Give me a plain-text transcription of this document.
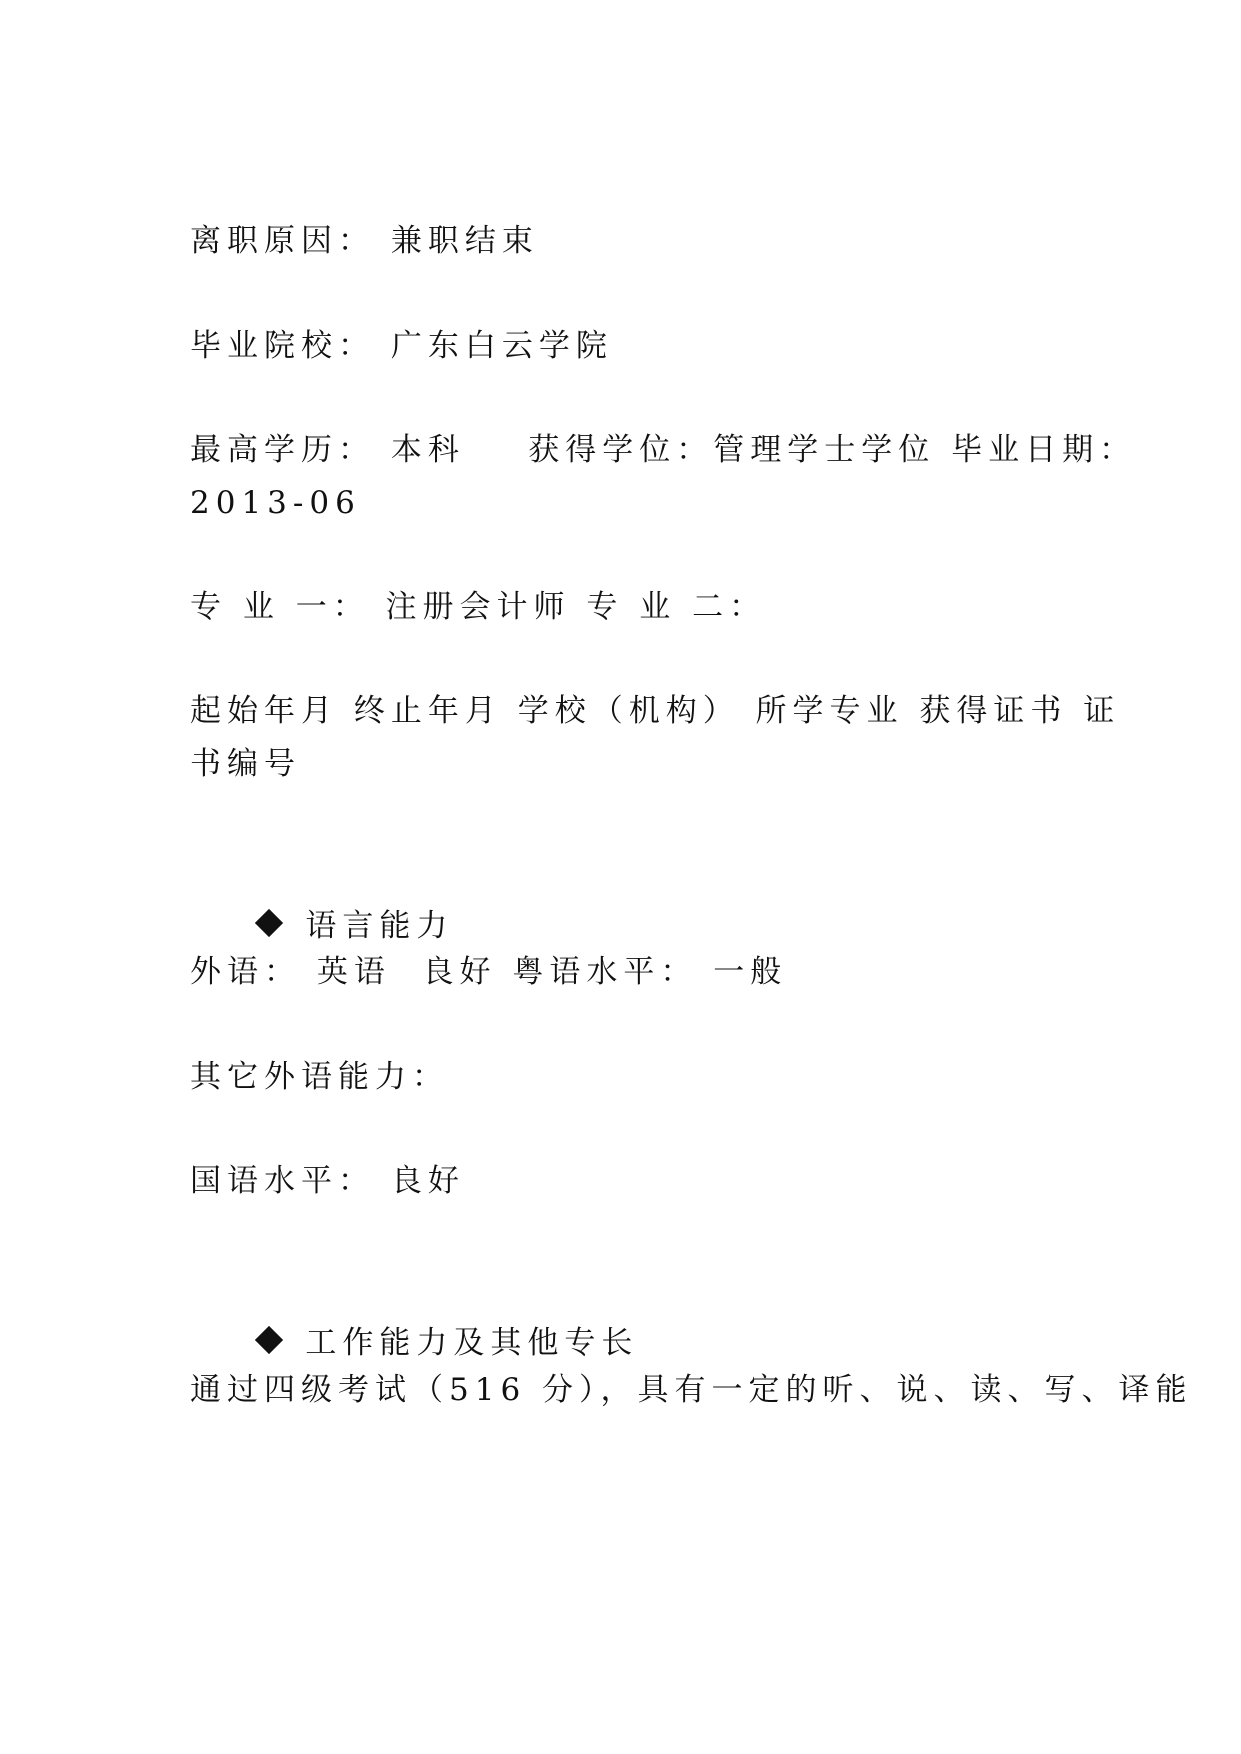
离职原因： 兼职结束
毕业院校： 广东白云学院
最高学历： 本科    获得学位：管理学士学位 毕业日期：
2013-06
专 业 一： 注册会计师 专 业 二：
起始年月 终止年月 学校（机构） 所学专业 获得证书 证
书编号

语言能力

外语： 英语  良好 粤语水平： 一般
其它外语能力：
国语水平： 良好

工作能力及其他专长

通过四级考试（516 分），具有一定的听、说、读、写、译能
